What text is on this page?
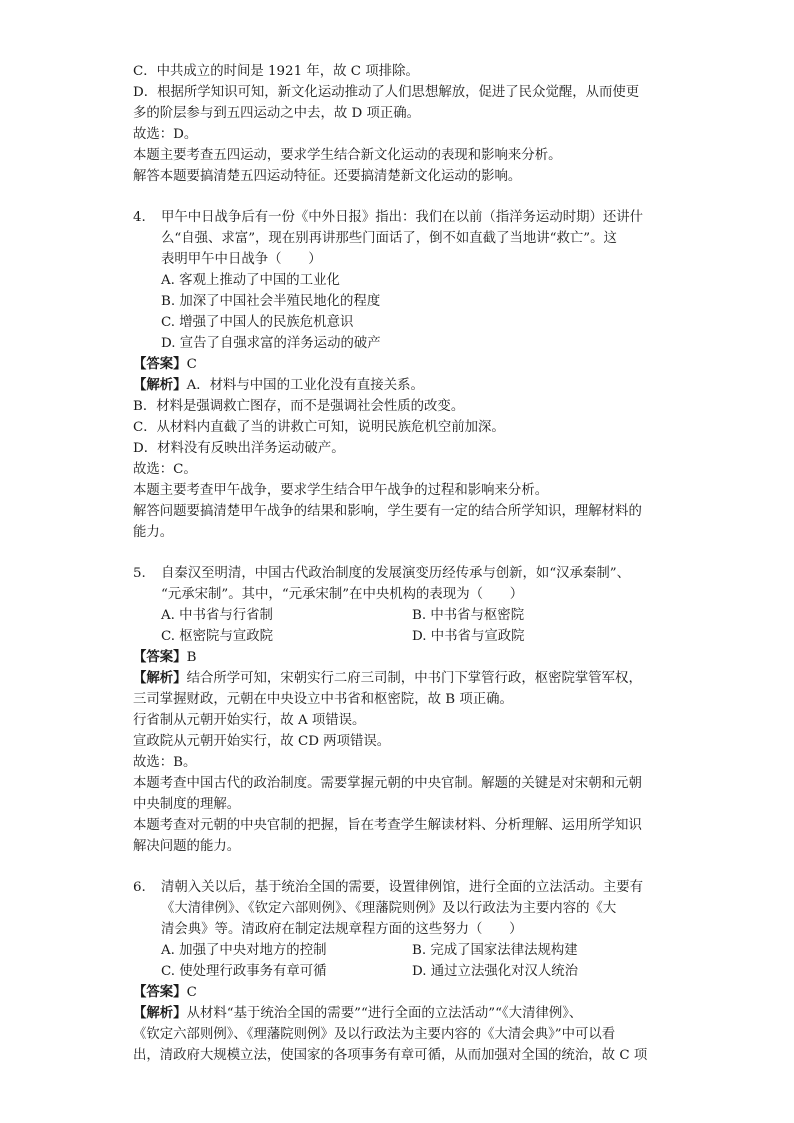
C．中共成立的时间是 1921 年，故 C 项排除。
D．根据所学知识可知，新文化运动推动了人们思想解放，促进了民众觉醒，从而使更
多的阶层参与到五四运动之中去，故 D 项正确。
故选：D。
本题主要考查五四运动，要求学生结合新文化运动的表现和影响来分析。
解答本题要搞清楚五四运动特征。还要搞清楚新文化运动的影响。
4.	甲午中日战争后有一份《中外日报》指出：我们在以前（指洋务运动时期）还讲什
么“自强、求富”，现在别再讲那些门面话了，倒不如直截了当地讲“救亡”。这
表明甲午中日战争（　　）
A. 客观上推动了中国的工业化
B. 加深了中国社会半殖民地化的程度
C. 增强了中国人的民族危机意识
D. 宣告了自强求富的洋务运动的破产
【答案】C
【解析】A．材料与中国的工业化没有直接关系。
B．材料是强调救亡图存，而不是强调社会性质的改变。
C．从材料内直截了当的讲救亡可知，说明民族危机空前加深。
D．材料没有反映出洋务运动破产。
故选：C。
本题主要考查甲午战争，要求学生结合甲午战争的过程和影响来分析。
解答问题要搞清楚甲午战争的结果和影响，学生要有一定的结合所学知识，理解材料的
能力。
5.	自秦汉至明清，中国古代政治制度的发展演变历经传承与创新，如“汉承秦制”、
“元承宋制”。其中，“元承宋制”在中央机构的表现为（　　）
A. 中书省与行省制	B. 中书省与枢密院
C. 枢密院与宣政院	D. 中书省与宣政院
【答案】B
【解析】结合所学可知，宋朝实行二府三司制，中书门下掌管行政，枢密院掌管军权，
三司掌握财政，元朝在中央设立中书省和枢密院，故 B 项正确。
行省制从元朝开始实行，故 A 项错误。
宣政院从元朝开始实行，故 CD 两项错误。
故选：B。
本题考查中国古代的政治制度。需要掌握元朝的中央官制。解题的关键是对宋朝和元朝
中央制度的理解。
本题考查对元朝的中央官制的把握，旨在考查学生解读材料、分析理解、运用所学知识
解决问题的能力。
6.	清朝入关以后，基于统治全国的需要，设置律例馆，进行全面的立法活动。主要有
《大清律例》、《钦定六部则例》、《理藩院则例》及以行政法为主要内容的《大
清会典》等。清政府在制定法规章程方面的这些努力（　　）
A. 加强了中央对地方的控制	B. 完成了国家法律法规构建
C. 使处理行政事务有章可循	D. 通过立法强化对汉人统治
【答案】C
【解析】从材料“基于统治全国的需要”“进行全面的立法活动”“《大清律例》、
《钦定六部则例》、《理藩院则例》及以行政法为主要内容的《大清会典》”中可以看
出，清政府大规模立法，使国家的各项事务有章可循，从而加强对全国的统治，故 C 项
